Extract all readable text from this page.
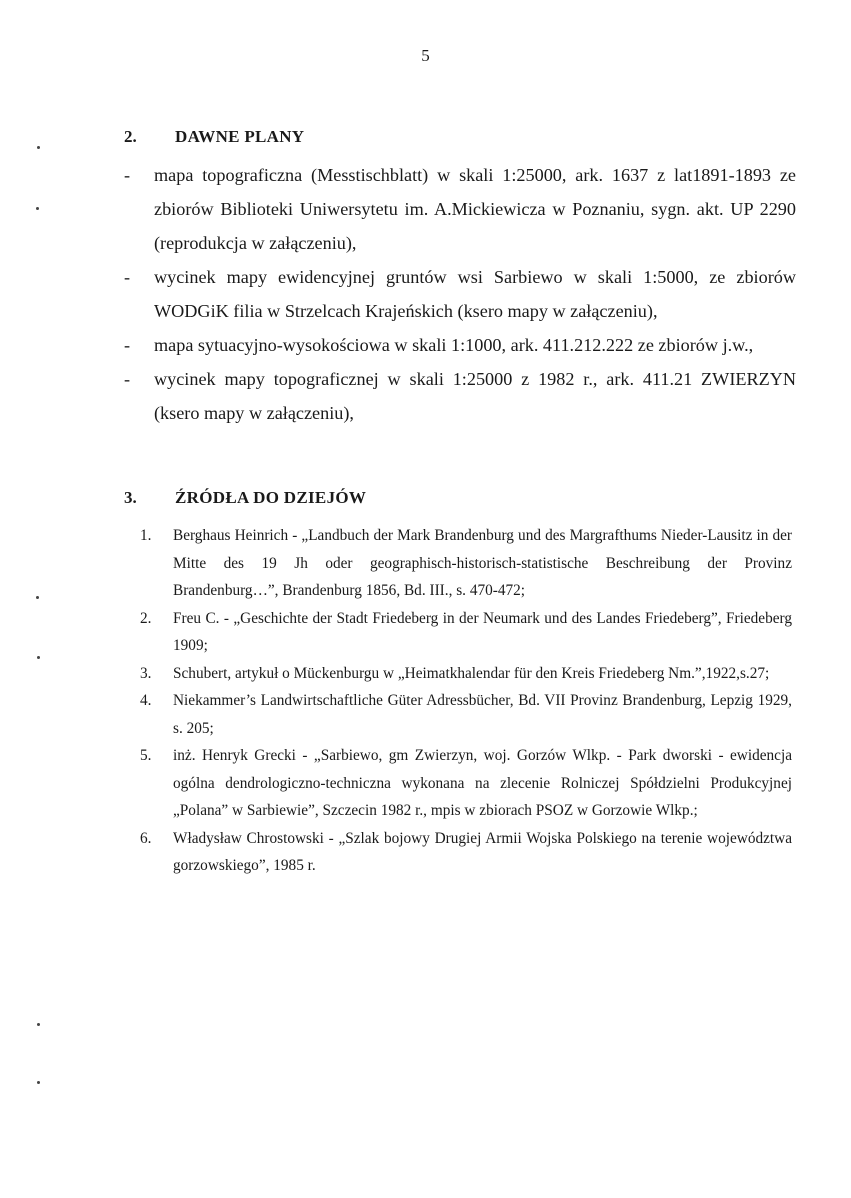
5
2. DAWNE PLANY
- mapa topograficzna (Messtischblatt) w skali 1:25000, ark. 1637 z lat1891-1893 ze zbiorów Biblioteki Uniwersytetu im. A.Mickiewicza w Poznaniu, sygn. akt. UP 2290 (reprodukcja w załączeniu),
- wycinek mapy ewidencyjnej gruntów wsi Sarbiewo w skali 1:5000, ze zbiorów WODGiK filia w Strzelcach Krajeńskich (ksero mapy w załączeniu),
- mapa sytuacyjno-wysokościowa w skali 1:1000, ark. 411.212.222 ze zbiorów j.w.,
- wycinek mapy topograficznej w skali 1:25000 z 1982 r., ark. 411.21 ZWIERZYN (ksero mapy w załączeniu),
3. ŹRÓDŁA DO DZIEJÓW
1. Berghaus Heinrich - „Landbuch der Mark Brandenburg und des Margrafthums Nieder-Lausitz in der Mitte des 19 Jh oder geographisch-historisch-statistische Beschreibung der Provinz Brandenburg…”, Brandenburg 1856, Bd. III., s. 470-472;
2. Freu C. - „Geschichte der Stadt Friedeberg in der Neumark und des Landes Friedeberg”, Friedeberg 1909;
3. Schubert, artykuł o Mückenburgu w „Heimatkhalendar für den Kreis Friedeberg Nm.”,1922,s.27;
4. Niekammer’s Landwirtschaftliche Güter Adressbücher, Bd. VII Provinz Brandenburg, Lepzig 1929, s. 205;
5. inż. Henryk Grecki - „Sarbiewo, gm Zwierzyn, woj. Gorzów Wlkp. - Park dworski - ewidencja ogólna dendrologiczno-techniczna wykonana na zlecenie Rolniczej Spółdzielni Produkcyjnej „Polana” w Sarbiewie”, Szczecin 1982 r., mpis w zbiorach PSOZ w Gorzowie Wlkp.;
6. Władysław Chrostowski - „Szlak bojowy Drugiej Armii Wojska Polskiego na terenie województwa gorzowskiego”, 1985 r.
